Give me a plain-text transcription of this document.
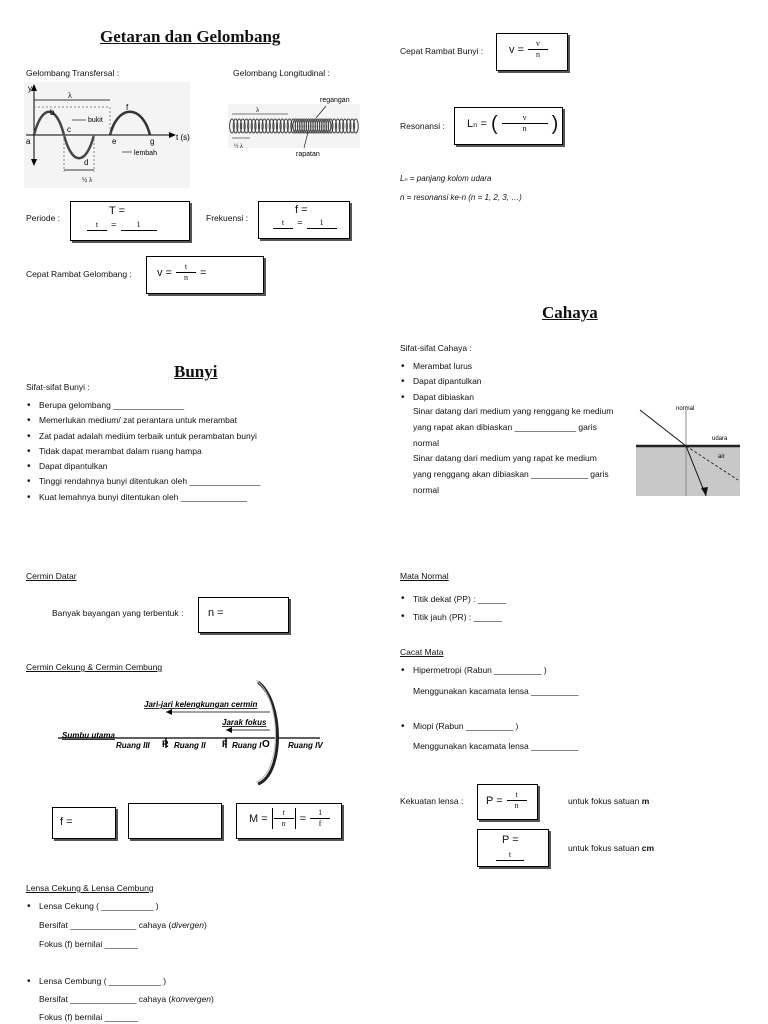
Getaran dan Gelombang
Gelombang Transfersal :	Gelombang Longitudinal :
y
t (s)
λ
a
b
c
d
e
f
g
bukit
lembah
½ λ
λ
½ λ
regangan
rapatan
Periode :
T =
t	=	1
Frekuensi :
f =
t	=	1
Cepat Rambat Gelombang : $v = \frac{t}{n}$ =
Bunyi
Sifat-sifat Bunyi :
• Berupa gelombang _______________
• Memerlukan medium/ zat perantara untuk merambat
• Zat padat adalah medium terbaik untuk perambatan bunyi
• Tidak dapat merambat dalam ruang hampa
• Dapat dipantulkan
• Tinggi rendahnya bunyi ditentukan oleh _______________
• Kuat lemahnya bunyi ditentukan oleh ______________
Cermin Datar
Banyak bayangan yang terbentuk : n =
Cermin Cekung & Cermin Cembung
Jari-jari kelengkungan cermin
Jarak fokus
Sumbu utama
Ruang III R Ruang II F Ruang I O Ruang IV
f =	$M = \frac{t}{n} = \frac{1}{f}$
Lensa Cekung & Lensa Cembung
• Lensa Cekung ( ___________ )
Bersifat ______________ cahaya (divergen)
Fokus (f) bernilai _______
• Lensa Cembung ( ___________ )
Bersifat ______________ cahaya (konvergen)
Fokus (f) bernilai _______
Cepat Rambat Bunyi : $v = \frac{v}{n}$
Resonansi : Lₙ = ( $\frac{v}{n}$ )
Lₙ = panjang kolom udara
n = resonansi ke-n (n = 1, 2, 3, …)
Cahaya
Sifat-sifat Cahaya :
• Merambat lurus
• Dapat dipantulkan
• Dapat dibiaskan
Sinar datang dari medium yang renggang ke medium
yang rapat akan dibiaskan _____________ garis
normal
Sinar datang dari medium yang rapat ke medium
yang renggang akan dibiaskan ____________ garis
normal
normal
udara
air
Mata Normal
• Titik dekat (PP) : ______
• Titik jauh (PR) : ______
Cacat Mata
• Hipermetropi (Rabun __________ )
Menggunakan kacamata lensa __________
• Miopi (Rabun __________ )
Menggunakan kacamata lensa __________
Kekuatan lensa : $P = \frac{t}{n}$	untuk fokus satuan m
P =
t
untuk fokus satuan cm
